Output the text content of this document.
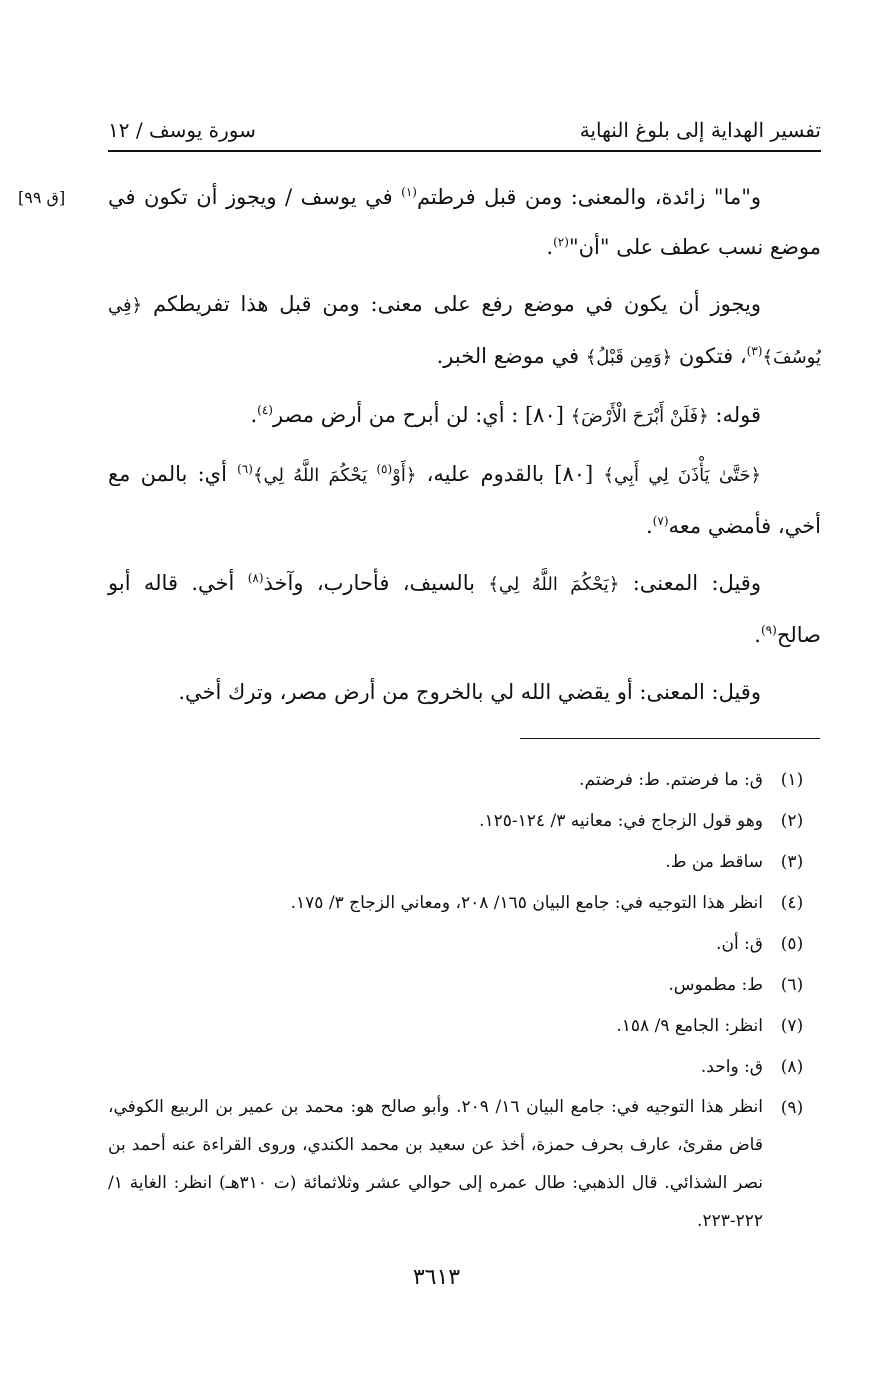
تفسير الهداية إلى بلوغ النهاية
سورة يوسف / ١٢
[ق ٩٩]	و"ما" زائدة، والمعنى: ومن قبل فرطتم$^{(١)}$ في يوسف / ويجوز أن تكون في موضع نسب عطف على "أن"$^{(٢)}$.

ويجوز أن يكون في موضع رفع على معنى: ومن قبل هذا تفريطكم ﴿فِي يُوسُفَ﴾$^{(٣)}$، فتكون ﴿وَمِن قَبْلُ﴾ في موضع الخبر.

قوله: ﴿فَلَنْ أَبْرَحَ الْأَرْضَ﴾ [٨٠] : أي: لن أبرح من أرض مصر$^{(٤)}$.

﴿حَتَّىٰ يَأْذَنَ لِي أَبِي﴾ [٨٠] بالقدوم عليه، ﴿أَوْ$^{(٥)}$ يَحْكُمَ اللَّهُ لِي﴾$^{(٦)}$ أي: بالمن مع أخي، فأمضي معه$^{(٧)}$.

وقيل: المعنى: ﴿يَحْكُمَ اللَّهُ لِي﴾ بالسيف، فأحارب، وآخذ$^{(٨)}$ أخي. قاله أبو صالح$^{(٩)}$.

وقيل: المعنى: أو يقضي الله لي بالخروج من أرض مصر، وترك أخي.

(١)
ق: ما فرضتم. ط: فرضتم.
(٢)
وهو قول الزجاج في: معانيه ٣/ ١٢٤-١٢٥.
(٣)
ساقط من ط.
(٤)
انظر هذا التوجيه في: جامع البيان ١٦٥/ ٢٠٨، ومعاني الزجاج ٣/ ١٧٥.
(٥)
ق: أن.
(٦)
ط: مطموس.
(٧)
انظر: الجامع ٩/ ١٥٨.
(٨)
ق: واحد.
(٩)
انظر هذا التوجيه في: جامع البيان ١٦/ ٢٠٩. وأبو صالح هو: محمد بن عمير بن الربيع الكوفي، قاض مقرئ، عارف بحرف حمزة، أخذ عن سعيد بن محمد الكندي، وروى القراءة عنه أحمد بن نصر الشذائي. قال الذهبي: طال عمره إلى حوالي عشر وثلاثمائة (ت ٣١٠هـ) انظر: الغاية ١/ ٢٢٢-٢٢٣.
٣٦١٣
